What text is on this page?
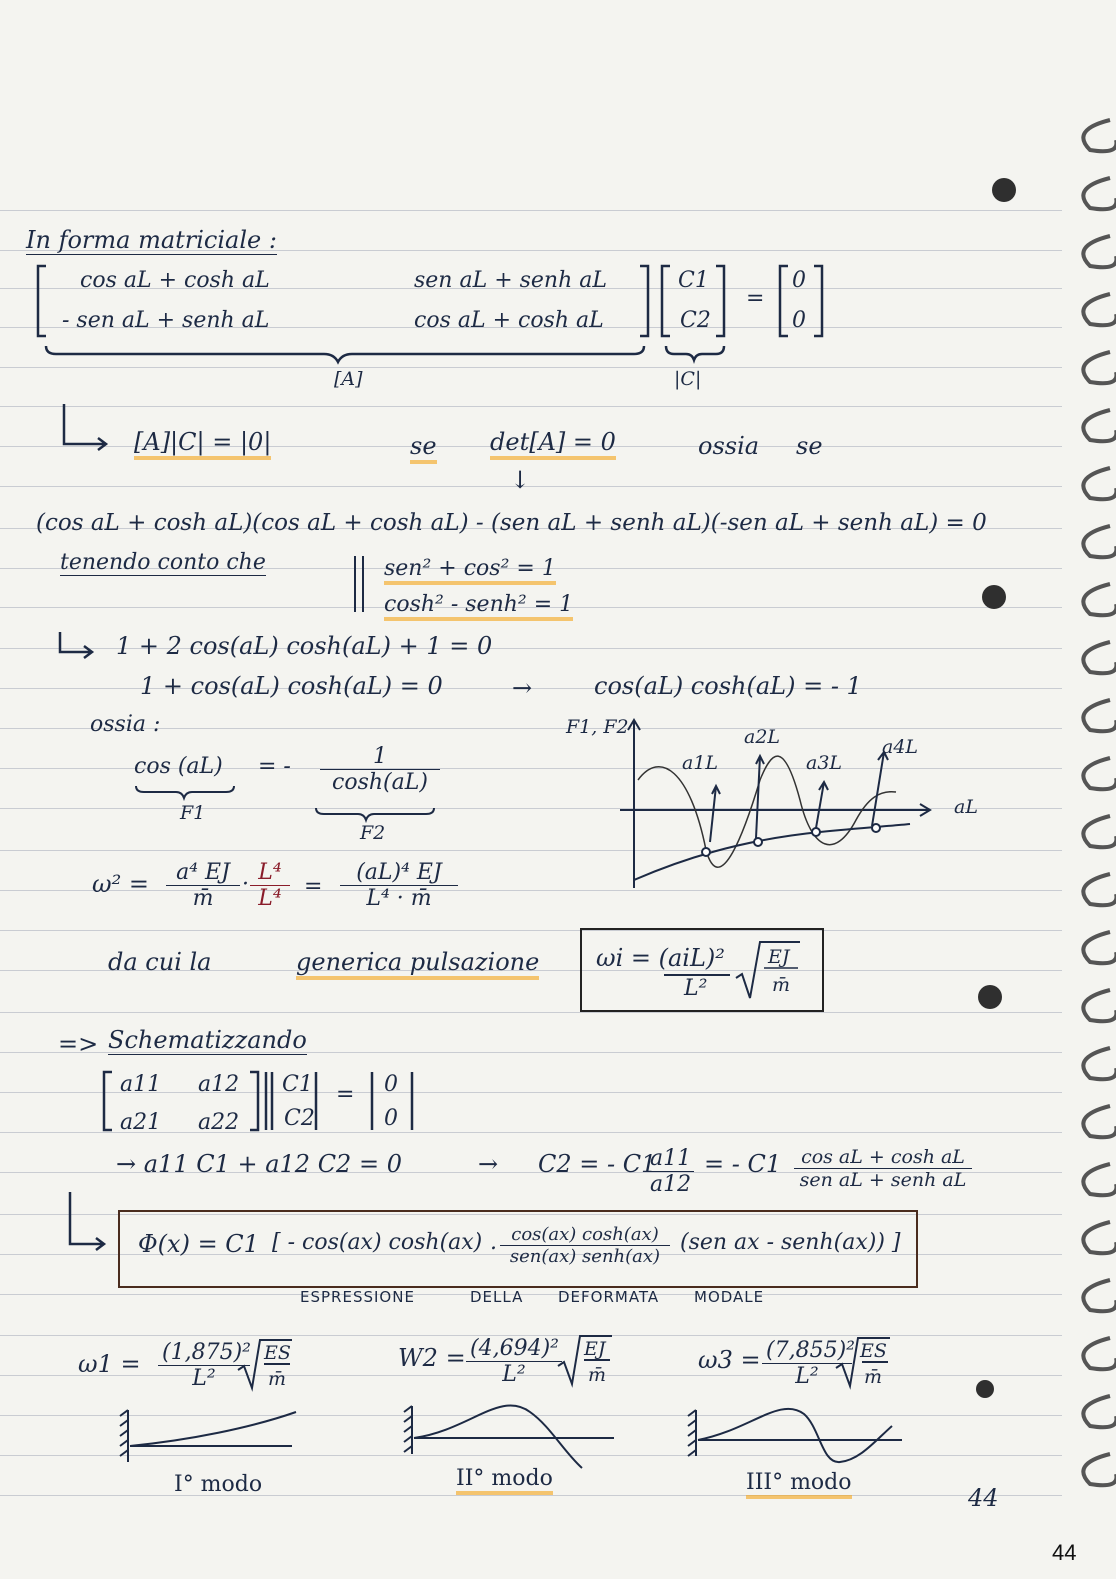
In forma matriciale :
cos aL + cosh aL	sen aL + senh aL
- sen aL + senh aL	cos aL + cosh aL
C1
C2
=
0
0
[A]	|C|
[A]|C| = |0|	se det[A] = 0	ossia se
↓
(cos aL + cosh aL)(cos aL + cosh aL) - (sen aL + senh aL)(-sen aL + senh aL) = 0
tenendo conto che	sen² + cos² = 1
cosh² - senh² = 1
1 + 2 cos(aL) cosh(aL) + 1 = 0
1 + cos(aL) cosh(aL) = 0	→	cos(aL) cosh(aL) = - 1
ossia :
cos (aL) = - $\frac{1}{\cosh(aL)}$
F1
F2
F1, F2
aL
a1L
a2L
a3L
a4L
$\omega^2 = \frac{\text{a⁴ EJ}}{m̄} \cdot \frac{\text{L⁴}}{\text{L⁴}} = \frac{\text{(aL)⁴ EJ}}{\text{L⁴ · m̄}}$
da cui la	generica pulsazione ωi = (aiL)²
L²
EJ
m̄
=> Schematizzando
a11 a12
a21 a22
C1
C2
= 0
0
→ a11 C1 + a12 C2 = 0	→ C2 = - C1
$\frac{a11}{a12}$ = - C1	cos aL + cosh aL
sen aL + senh aL
Φ(x) = C1 [ - cos(ax) cosh(ax) . cos(ax) cosh(ax)
sen(ax) senh(ax)
(sen ax - senh(ax)) ]
ESPRESSIONE	DELLA DEFORMATA MODALE
$\omega 1 = \frac{\text{(1,875)²}}{\text{L²}}$ ES
m̄
$W2 = \frac{\text{(4,694)²}}{\text{L²}}$ EJ
m̄
$\omega 3 = \frac{\text{(7,855)²}}{\text{L²}}$ ES
m̄
I° modo	II° modo	III° modo
44
44
